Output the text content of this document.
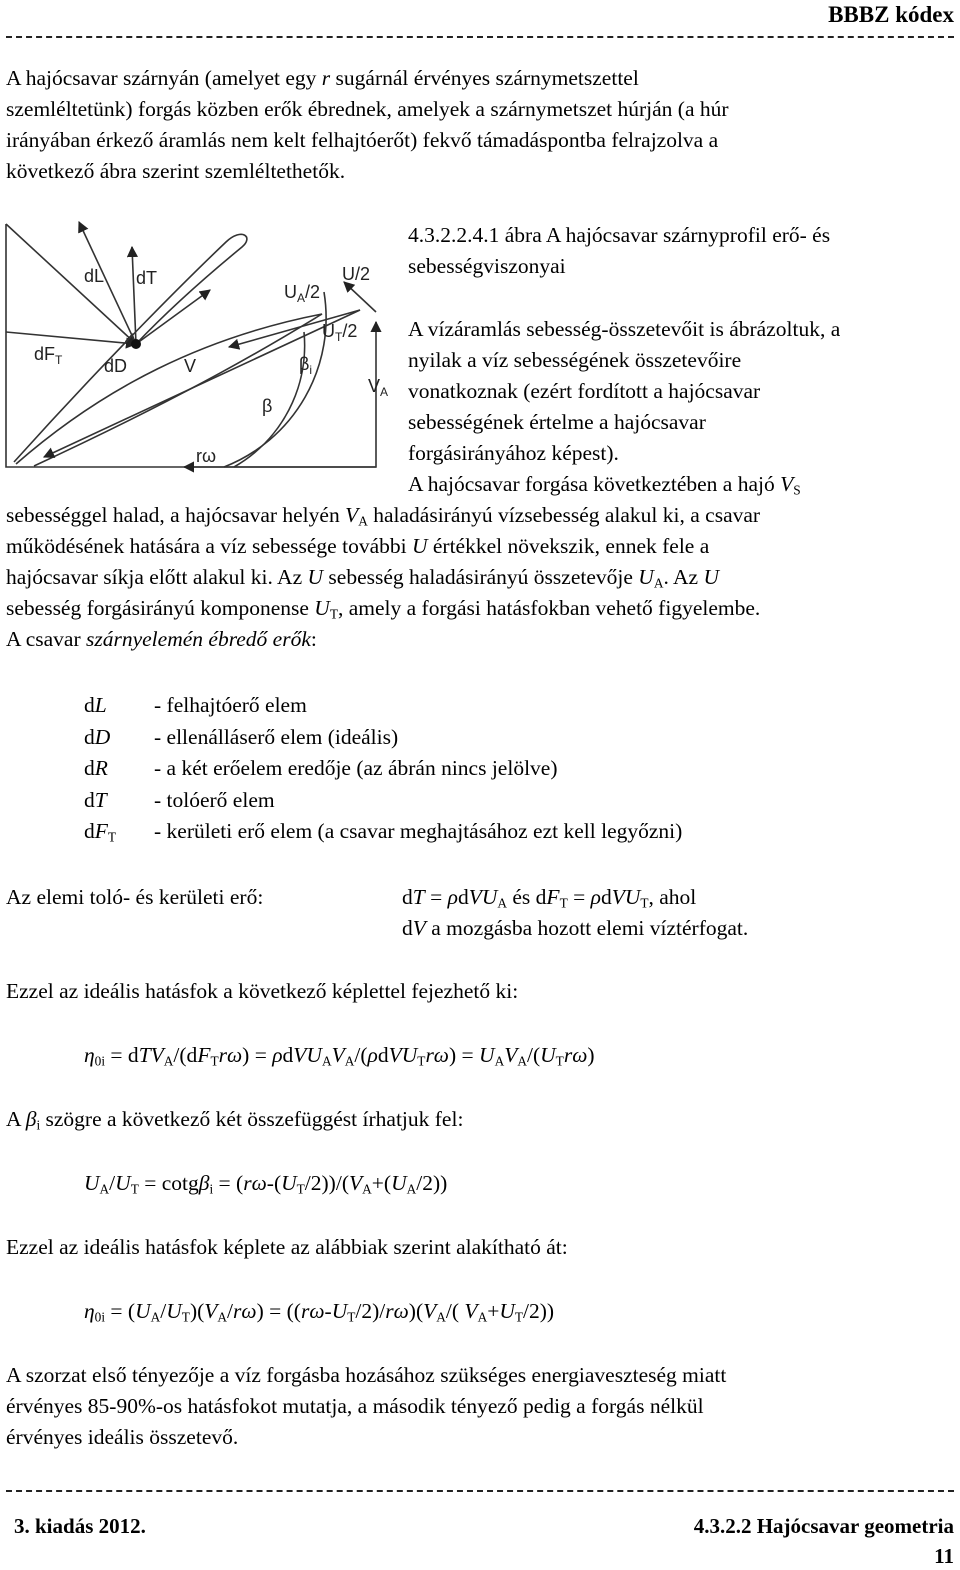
BBBZ kódex
A hajócsavar szárnyán (amelyet egy r sugárnál érvényes szárnymetszettel
szemléltetünk) forgás közben erők ébrednek, amelyek a szárnymetszet húrján (a húr
irányában érkező áramlás nem kelt felhajtóerőt) fekvő támadáspontba felrajzolva a
következő ábra szerint szemléltethetők.
dL dT	U/2
$U_A/2$
$U_T/2$
$dF_T$ dD	V	$\beta_i$
$V_A$
β
rω
4.3.2.2.4.1 ábra A hajócsavar szárnyprofil erő- és
sebességviszonyai
A vízáramlás sebesség-összetevőit is ábrázoltuk, a
nyilak a víz sebességének összetevőire
vonatkoznak (ezért fordított a hajócsavar
sebességének értelme a hajócsavar
forgásirányához képest).
A hajócsavar forgása következtében a hajó $V_S$
sebességgel halad, a hajócsavar helyén $V_A$ haladásirányú vízsebesség alakul ki, a csavar
működésének hatására a víz sebessége további U értékkel növekszik, ennek fele a
hajócsavar síkja előtt alakul ki. Az U sebesség haladásirányú összetevője $U_A$. Az U
sebesség forgásirányú komponense $U_T$, amely a forgási hatásfokban vehető figyelembe.
A csavar szárnyelemén ébredő erők:
dL - felhajtóerő elem
dD - ellenálláserő elem (ideális)
dR - a két erőelem eredője (az ábrán nincs jelölve)
dT - tolóerő elem
$dF_T$ - kerületi erő elem (a csavar meghajtásához ezt kell legyőzni)
Az elemi toló- és kerületi erő:	dT = ρdVU$_A$ és $dF_T = \rho dVU_T$, ahol
dV a mozgásba hozott elemi víztérfogat.
Ezzel az ideális hatásfok a következő képlettel fejezhető ki:
$\eta_{0i} = dTV_A/(dF_Tr\omega) = \rho dVU_AV_A/(\rho dVU_Tr\omega) = U_AV_A/(U_Tr\omega)$
A $\beta_i$ szögre a következő két összefüggést írhatjuk fel:
$U_A/U_T = \cot g\beta_i = (r\omega-(U_T/2))/(V_A+(U_A/2))$
Ezzel az ideális hatásfok képlete az alábbiak szerint alakítható át:
$\eta_{0i} = (U_A/U_T)(V_A/r\omega) = ((r\omega-U_T/2)/r\omega)(V_A/$( $V_A+U_T/2$))
A szorzat első tényezője a víz forgásba hozásához szükséges energiaveszteség miatt
érvényes 85-90%-os hatásfokot mutatja, a második tényező pedig a forgás nélkül
érvényes ideális összetevő.
3. kiadás 2012.	4.3.2.2 Hajócsavar geometria
11
